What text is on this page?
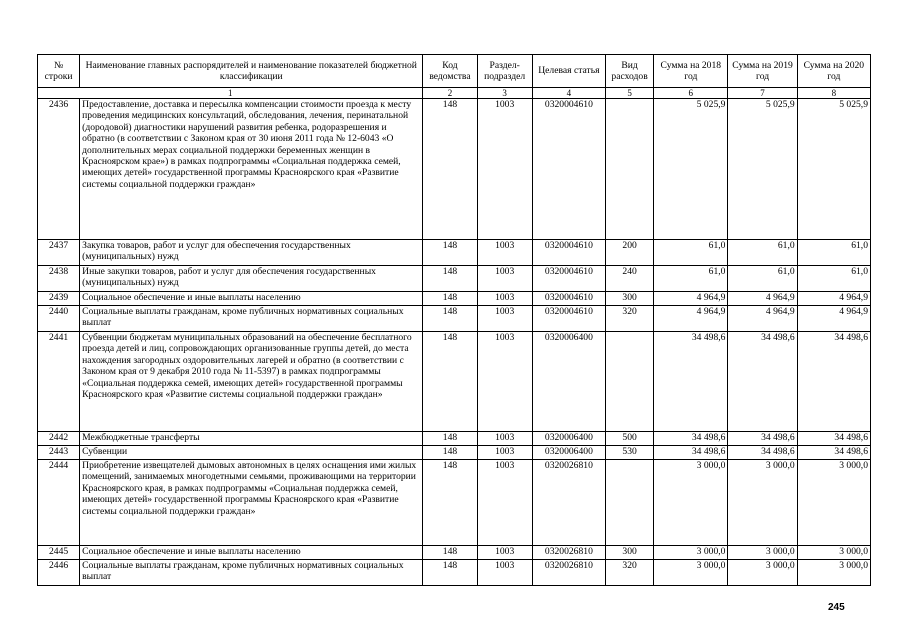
№ строки	Наименование главных распорядителей и наименование показателей бюджетной классификации	Код ведомства	Раздел-подраздел	Целевая статья	Вид расходов	Сумма на 2018 год	Сумма на 2019 год	Сумма на 2020 год
1		2	3	4	5	6	7	8
2436	Предоставление, доставка и пересылка компенсации стоимости проезда к месту проведения медицинских консультаций, обследования, лечения, перинатальной (дородовой) диагностики нарушений развития ребенка, родоразрешения и обратно (в соответствии с Законом края от 30 июня 2011 года № 12-6043 «О дополнительных мерах социальной поддержки беременных женщин в Красноярском крае») в рамках подпрограммы «Социальная поддержка семей, имеющих детей» государственной программы Красноярского края «Развитие системы социальной поддержки граждан»	148	1003	0320004610		5 025,9	5 025,9	5 025,9
2437	Закупка товаров, работ и услуг для обеспечения государственных (муниципальных) нужд	148	1003	0320004610	200	61,0	61,0	61,0
2438	Иные закупки товаров, работ и услуг для обеспечения государственных (муниципальных) нужд	148	1003	0320004610	240	61,0	61,0	61,0
2439	Социальное обеспечение и иные выплаты населению	148	1003	0320004610	300	4 964,9	4 964,9	4 964,9
2440	Социальные выплаты гражданам, кроме публичных нормативных социальных выплат	148	1003	0320004610	320	4 964,9	4 964,9	4 964,9
2441	Субвенции бюджетам муниципальных образований на обеспечение бесплатного проезда детей и лиц, сопровождающих организованные группы детей, до места нахождения загородных оздоровительных лагерей и обратно (в соответствии с Законом края от 9 декабря 2010 года № 11-5397) в рамках подпрограммы «Социальная поддержка семей, имеющих детей» государственной программы Красноярского края «Развитие системы социальной поддержки граждан»	148	1003	0320006400		34 498,6	34 498,6	34 498,6
2442	Межбюджетные трансферты	148	1003	0320006400	500	34 498,6	34 498,6	34 498,6
2443	Субвенции	148	1003	0320006400	530	34 498,6	34 498,6	34 498,6
2444	Приобретение извещателей дымовых автономных в целях оснащения ими жилых помещений, занимаемых многодетными семьями, проживающими на территории Красноярского края, в рамках подпрограммы «Социальная поддержка семей, имеющих детей» государственной программы Красноярского края «Развитие системы социальной поддержки граждан»	148	1003	0320026810		3 000,0	3 000,0	3 000,0
2445	Социальное обеспечение и иные выплаты населению	148	1003	0320026810	300	3 000,0	3 000,0	3 000,0
2446	Социальные выплаты гражданам, кроме публичных нормативных социальных выплат	148	1003	0320026810	320	3 000,0	3 000,0	3 000,0
245
